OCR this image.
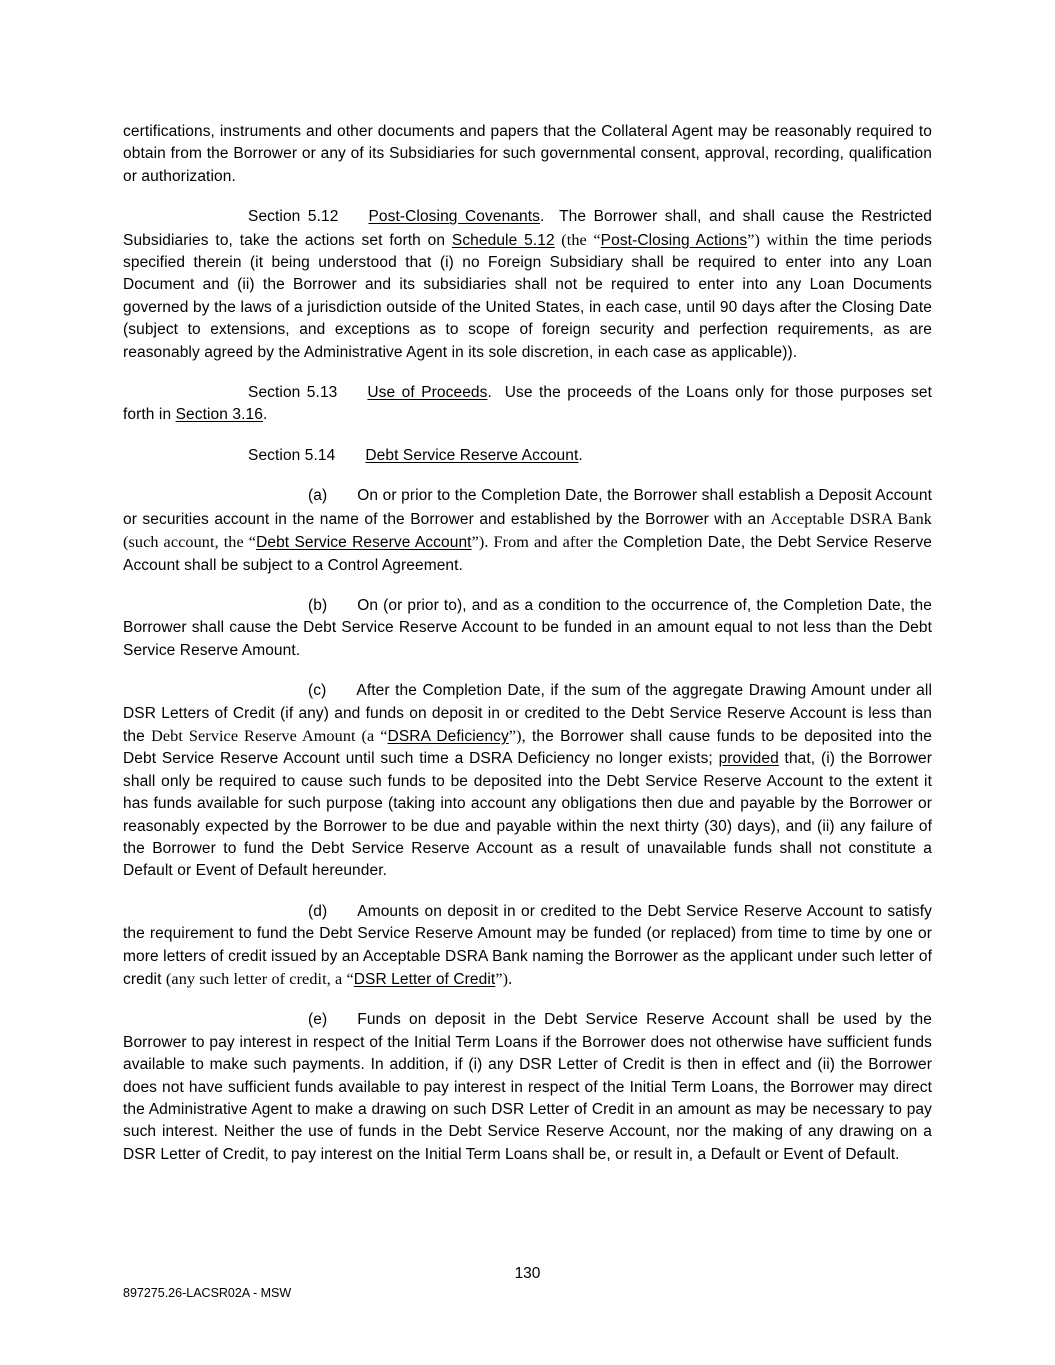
certifications, instruments and other documents and papers that the Collateral Agent may be reasonably required to obtain from the Borrower or any of its Subsidiaries for such governmental consent, approval, recording, qualification or authorization.

Section 5.12 Post-Closing Covenants.  The Borrower shall, and shall cause the Restricted Subsidiaries to, take the actions set forth on Schedule 5.12 (the “Post-Closing Actions”) within the time periods specified therein (it being understood that (i) no Foreign Subsidiary shall be required to enter into any Loan Document and (ii) the Borrower and its subsidiaries shall not be required to enter into any Loan Documents governed by the laws of a jurisdiction outside of the United States, in each case, until 90 days after the Closing Date (subject to extensions, and exceptions as to scope of foreign security and perfection requirements, as are reasonably agreed by the Administrative Agent in its sole discretion, in each case as applicable)).

Section 5.13 Use of Proceeds.  Use the proceeds of the Loans only for those purposes set forth in Section 3.16.

Section 5.14 Debt Service Reserve Account.

(a) On or prior to the Completion Date, the Borrower shall establish a Deposit Account or securities account in the name of the Borrower and established by the Borrower with an Acceptable DSRA Bank (such account, the “Debt Service Reserve Account”). From and after the Completion Date, the Debt Service Reserve Account shall be subject to a Control Agreement.

(b) On (or prior to), and as a condition to the occurrence of, the Completion Date, the Borrower shall cause the Debt Service Reserve Account to be funded in an amount equal to not less than the Debt Service Reserve Amount.

(c) After the Completion Date, if the sum of the aggregate Drawing Amount under all DSR Letters of Credit (if any) and funds on deposit in or credited to the Debt Service Reserve Account is less than the Debt Service Reserve Amount (a “DSRA Deficiency”), the Borrower shall cause funds to be deposited into the Debt Service Reserve Account until such time a DSRA Deficiency no longer exists; provided that, (i) the Borrower shall only be required to cause such funds to be deposited into the Debt Service Reserve Account to the extent it has funds available for such purpose (taking into account any obligations then due and payable by the Borrower or reasonably expected by the Borrower to be due and payable within the next thirty (30) days), and (ii) any failure of the Borrower to fund the Debt Service Reserve Account as a result of unavailable funds shall not constitute a Default or Event of Default hereunder.

(d) Amounts on deposit in or credited to the Debt Service Reserve Account to satisfy the requirement to fund the Debt Service Reserve Amount may be funded (or replaced) from time to time by one or more letters of credit issued by an Acceptable DSRA Bank naming the Borrower as the applicant under such letter of credit (any such letter of credit, a “DSR Letter of Credit”).

(e) Funds on deposit in the Debt Service Reserve Account shall be used by the Borrower to pay interest in respect of the Initial Term Loans if the Borrower does not otherwise have sufficient funds available to make such payments. In addition, if (i) any DSR Letter of Credit is then in effect and (ii) the Borrower does not have sufficient funds available to pay interest in respect of the Initial Term Loans, the Borrower may direct the Administrative Agent to make a drawing on such DSR Letter of Credit in an amount as may be necessary to pay such interest. Neither the use of funds in the Debt Service Reserve Account, nor the making of any drawing on a DSR Letter of Credit, to pay interest on the Initial Term Loans shall be, or result in, a Default or Event of Default.

130
897275.26-LACSR02A - MSW
